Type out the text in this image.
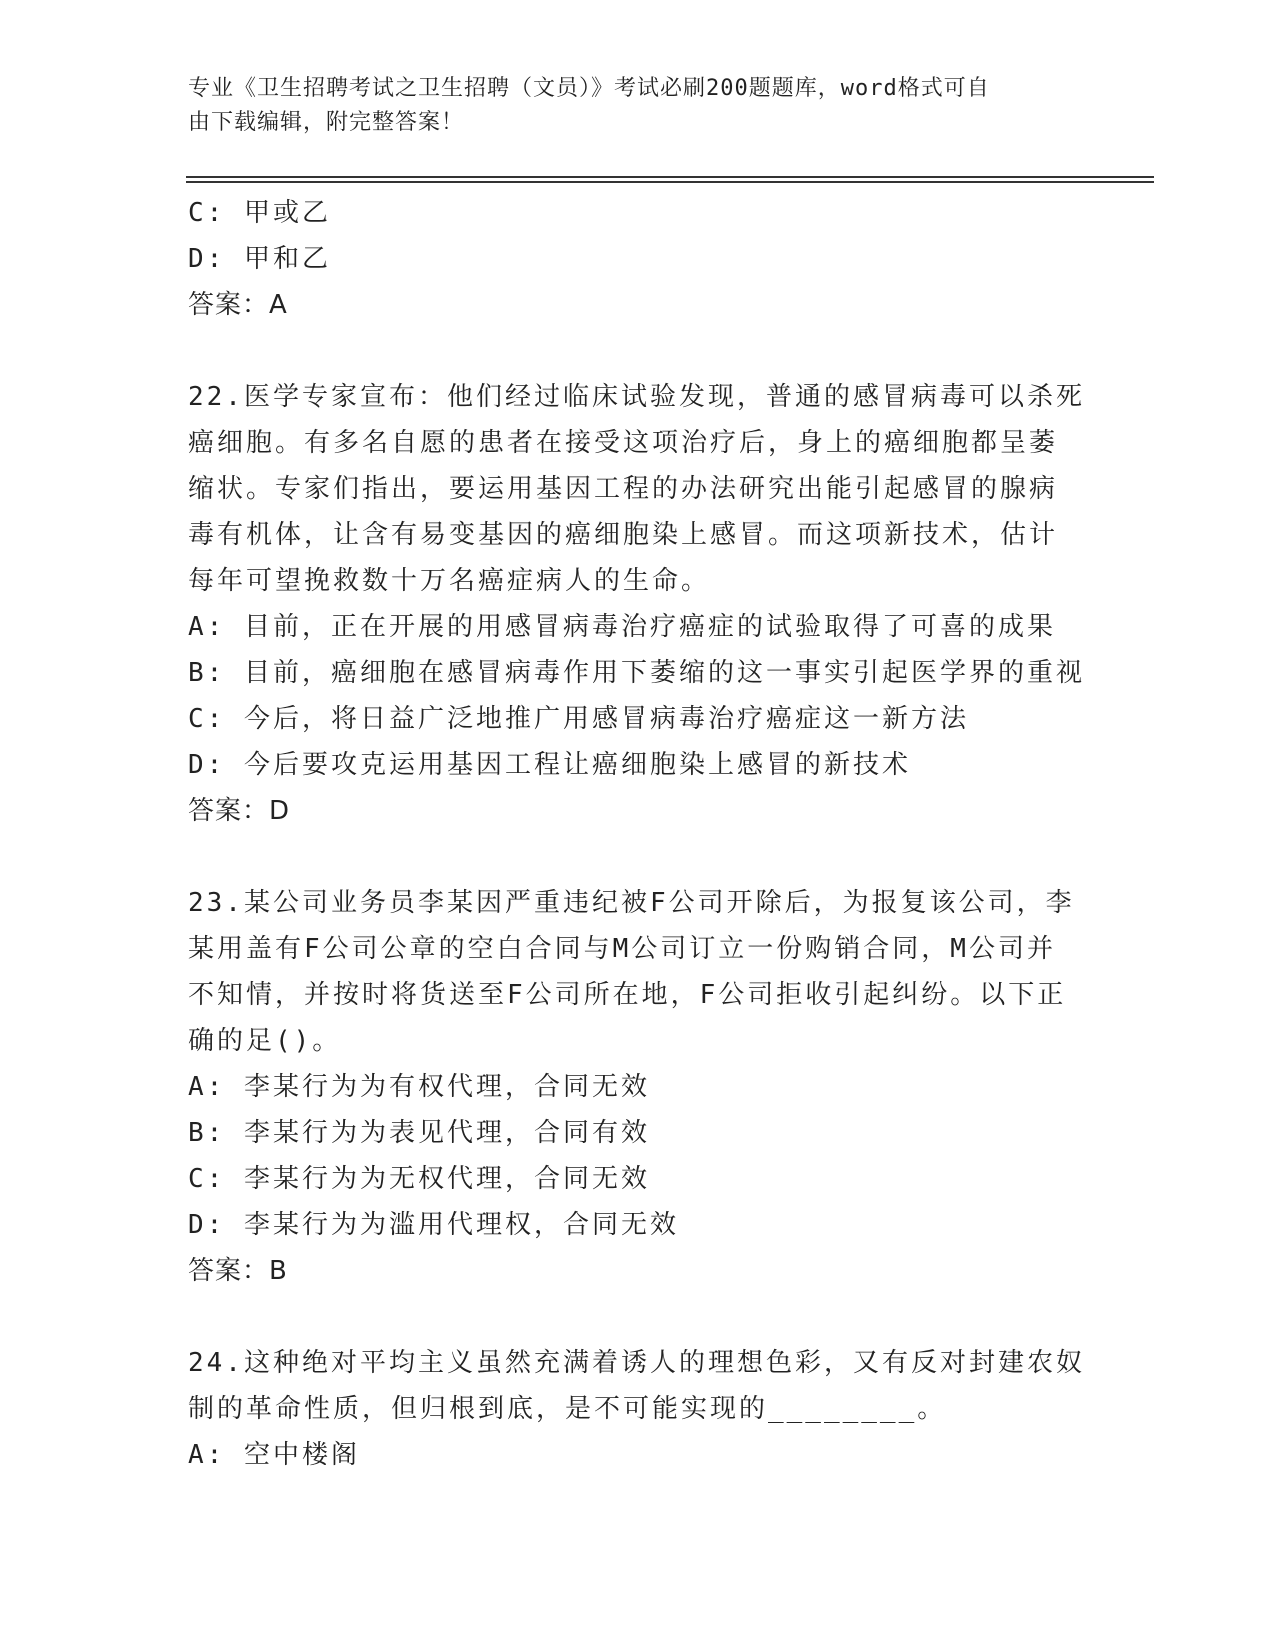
专业《卫生招聘考试之卫生招聘（文员）》考试必刷200题题库，word格式可自
由下载编辑，附完整答案！
C: 甲或乙
D: 甲和乙
答案：A
22.医学专家宣布：他们经过临床试验发现，普通的感冒病毒可以杀死
癌细胞。有多名自愿的患者在接受这项治疗后，身上的癌细胞都呈萎
缩状。专家们指出，要运用基因工程的办法研究出能引起感冒的腺病
毒有机体，让含有易变基因的癌细胞染上感冒。而这项新技术，估计
每年可望挽救数十万名癌症病人的生命。
A: 目前，正在开展的用感冒病毒治疗癌症的试验取得了可喜的成果
B: 目前，癌细胞在感冒病毒作用下萎缩的这一事实引起医学界的重视
C: 今后，将日益广泛地推广用感冒病毒治疗癌症这一新方法
D: 今后要攻克运用基因工程让癌细胞染上感冒的新技术
答案：D
23.某公司业务员李某因严重违纪被F公司开除后，为报复该公司，李
某用盖有F公司公章的空白合同与M公司订立一份购销合同，M公司并
不知情，并按时将货送至F公司所在地，F公司拒收引起纠纷。以下正
确的足()。
A: 李某行为为有权代理，合同无效
B: 李某行为为表见代理，合同有效
C: 李某行为为无权代理，合同无效
D: 李某行为为滥用代理权，合同无效
答案：B
24.这种绝对平均主义虽然充满着诱人的理想色彩，又有反对封建农奴
制的革命性质，但归根到底，是不可能实现的________。
A: 空中楼阁
